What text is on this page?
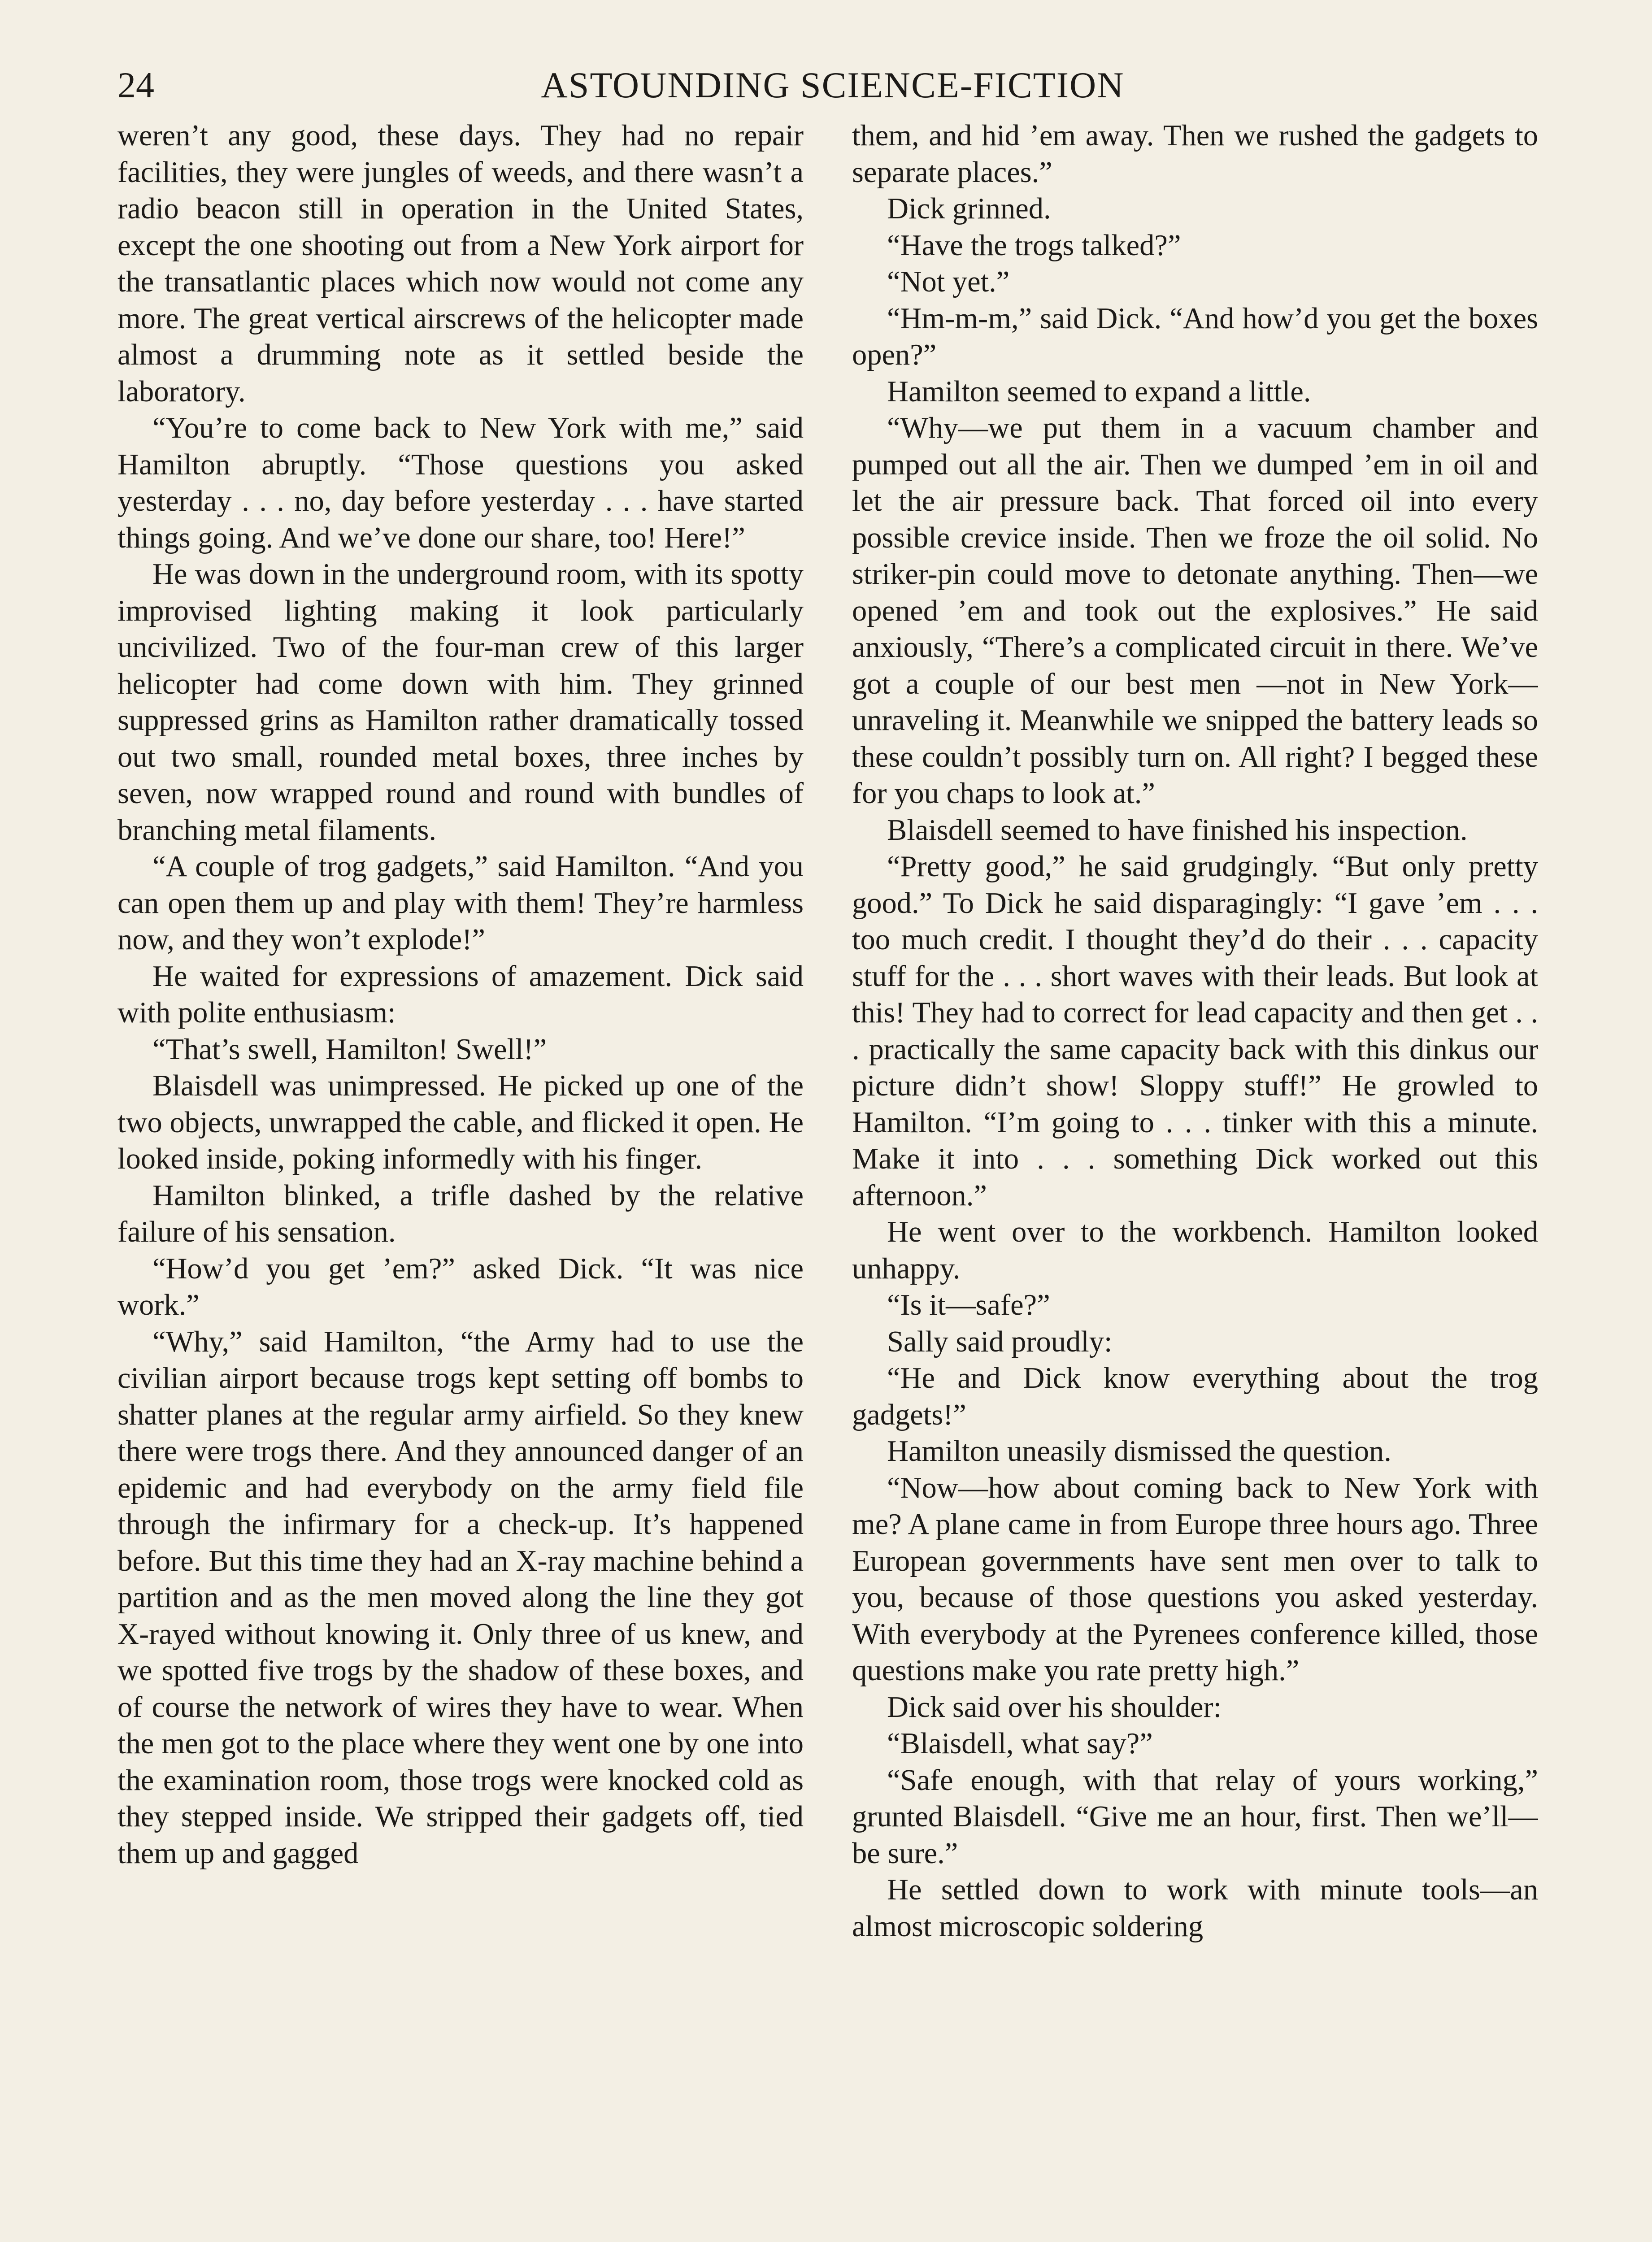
24	ASTOUNDING SCIENCE-FICTION

weren’t any good, these days. They had no repair facilities, they were jungles of weeds, and there wasn’t a radio beacon still in operation in the United States, except the one shooting out from a New York airport for the transatlantic places which now would not come any more. The great vertical airscrews of the helicopter made almost a drumming note as it settled beside the laboratory.

“You’re to come back to New York with me,” said Hamilton abruptly. “Those questions you asked yesterday . . . no, day before yesterday . . . have started things going. And we’ve done our share, too! Here!”

He was down in the underground room, with its spotty improvised lighting making it look particularly uncivilized. Two of the four-man crew of this larger helicopter had come down with him. They grinned suppressed grins as Hamilton rather dramatically tossed out two small, rounded metal boxes, three inches by seven, now wrapped round and round with bundles of branching metal filaments.

“A couple of trog gadgets,” said Hamilton. “And you can open them up and play with them! They’re harmless now, and they won’t explode!”

He waited for expressions of amazement. Dick said with polite enthusiasm:

“That’s swell, Hamilton! Swell!”

Blaisdell was unimpressed. He picked up one of the two objects, unwrapped the cable, and flicked it open. He looked inside, poking informedly with his finger.

Hamilton blinked, a trifle dashed by the relative failure of his sensation.

“How’d you get ’em?” asked Dick. “It was nice work.”

“Why,” said Hamilton, “the Army had to use the civilian airport because trogs kept setting off bombs to shatter planes at the regular army airfield. So they knew there were trogs there. And they announced danger of an epidemic and had everybody on the army field file through the infirmary for a check-up. It’s happened before. But this time they had an X-ray machine behind a partition and as the men moved along the line they got X-rayed without knowing it. Only three of us knew, and we spotted five trogs by the shadow of these boxes, and of course the network of wires they have to wear. When the men got to the place where they went one by one into the examination room, those trogs were knocked cold as they stepped inside. We stripped their gadgets off, tied them up and gagged

them, and hid ’em away. Then we rushed the gadgets to separate places.”

Dick grinned.

“Have the trogs talked?”

“Not yet.”

“Hm-m-m,” said Dick. “And how’d you get the boxes open?”

Hamilton seemed to expand a little.

“Why—we put them in a vacuum chamber and pumped out all the air. Then we dumped ’em in oil and let the air pressure back. That forced oil into every possible crevice inside. Then we froze the oil solid. No striker-pin could move to detonate anything. Then—we opened ’em and took out the explosives.” He said anxiously, “There’s a complicated circuit in there. We’ve got a couple of our best men —not in New York—unraveling it. Meanwhile we snipped the battery leads so these couldn’t possibly turn on. All right? I begged these for you chaps to look at.”

Blaisdell seemed to have finished his inspection.

“Pretty good,” he said grudgingly. “But only pretty good.” To Dick he said disparagingly: “I gave ’em . . . too much credit. I thought they’d do their . . . capacity stuff for the . . . short waves with their leads. But look at this! They had to correct for lead capacity and then get . . . practically the same capacity back with this dinkus our picture didn’t show! Sloppy stuff!” He growled to Hamilton. “I’m going to . . . tinker with this a minute. Make it into . . . something Dick worked out this afternoon.”

He went over to the workbench. Hamilton looked unhappy.

“Is it—safe?”

Sally said proudly:

“He and Dick know everything about the trog gadgets!”

Hamilton uneasily dismissed the question.

“Now—how about coming back to New York with me? A plane came in from Europe three hours ago. Three European governments have sent men over to talk to you, because of those questions you asked yesterday. With everybody at the Pyrenees conference killed, those questions make you rate pretty high.”

Dick said over his shoulder:

“Blaisdell, what say?”

“Safe enough, with that relay of yours working,” grunted Blaisdell. “Give me an hour, first. Then we’ll—be sure.”

He settled down to work with minute tools—an almost microscopic soldering
